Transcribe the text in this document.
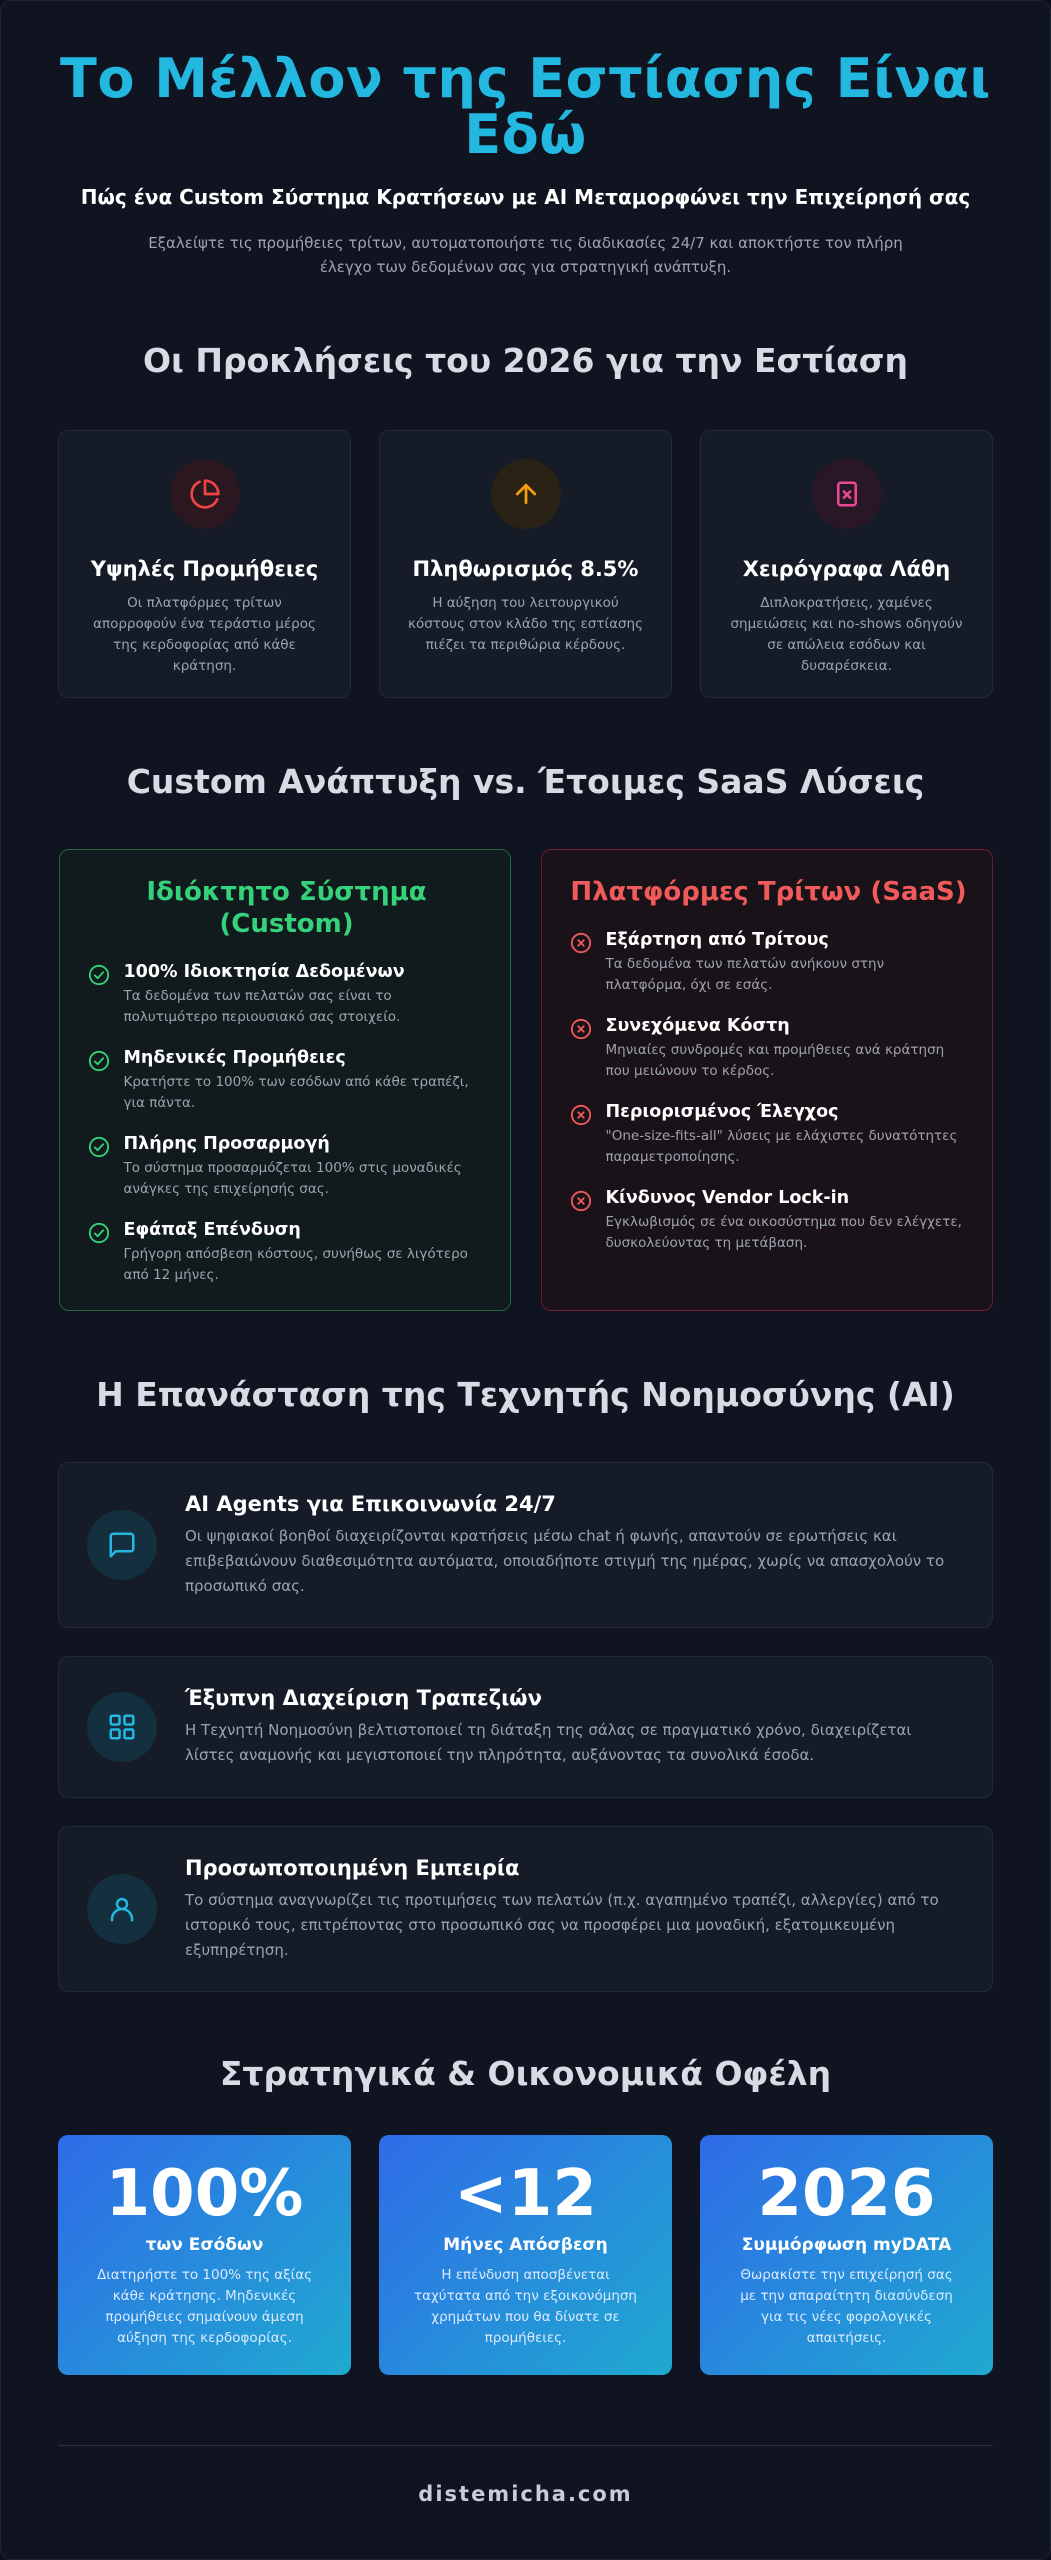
Το Μέλλον της Εστίασης Είναι Εδώ
Πώς ένα Custom Σύστημα Κρατήσεων με AI Μεταμορφώνει την Επιχείρησή σας

Εξαλείψτε τις προμήθειες τρίτων, αυτοματοποιήστε τις διαδικασίες 24/7 και αποκτήστε τον πλήρη έλεγχο των δεδομένων σας για στρατηγική ανάπτυξη.

Οι Προκλήσεις του 2026 για την Εστίαση
Υψηλές Προμήθειες

Οι πλατφόρμες τρίτων απορροφούν ένα τεράστιο μέρος της κερδοφορίας από κάθε κράτηση.

Πληθωρισμός 8.5%

Η αύξηση του λειτουργικού κόστους στον κλάδο της εστίασης πιέζει τα περιθώρια κέρδους.

Χειρόγραφα Λάθη

Διπλοκρατήσεις, χαμένες σημειώσεις και no-shows οδηγούν σε απώλεια εσόδων και δυσαρέσκεια.

Custom Ανάπτυξη vs. Έτοιμες SaaS Λύσεις
Ιδιόκτητο Σύστημα (Custom)
100% Ιδιοκτησία Δεδομένων

Τα δεδομένα των πελατών σας είναι το πολυτιμότερο περιουσιακό σας στοιχείο.

Μηδενικές Προμήθειες

Κρατήστε το 100% των εσόδων από κάθε τραπέζι, για πάντα.

Πλήρης Προσαρμογή

Το σύστημα προσαρμόζεται 100% στις μοναδικές ανάγκες της επιχείρησής σας.

Εφάπαξ Επένδυση

Γρήγορη απόσβεση κόστους, συνήθως σε λιγότερο από 12 μήνες.

Πλατφόρμες Τρίτων (SaaS)
Εξάρτηση από Τρίτους

Τα δεδομένα των πελατών ανήκουν στην πλατφόρμα, όχι σε εσάς.

Συνεχόμενα Κόστη

Μηνιαίες συνδρομές και προμήθειες ανά κράτηση που μειώνουν το κέρδος.

Περιορισμένος Έλεγχος

"One-size-fits-all" λύσεις με ελάχιστες δυνατότητες παραμετροποίησης.

Κίνδυνος Vendor Lock-in

Εγκλωβισμός σε ένα οικοσύστημα που δεν ελέγχετε, δυσκολεύοντας τη μετάβαση.

Η Επανάσταση της Τεχνητής Νοημοσύνης (AI)
AI Agents για Επικοινωνία 24/7

Οι ψηφιακοί βοηθοί διαχειρίζονται κρατήσεις μέσω chat ή φωνής, απαντούν σε ερωτήσεις και επιβεβαιώνουν διαθεσιμότητα αυτόματα, οποιαδήποτε στιγμή της ημέρας, χωρίς να απασχολούν το προσωπικό σας.

Έξυπνη Διαχείριση Τραπεζιών

Η Τεχνητή Νοημοσύνη βελτιστοποιεί τη διάταξη της σάλας σε πραγματικό χρόνο, διαχειρίζεται λίστες αναμονής και μεγιστοποιεί την πληρότητα, αυξάνοντας τα συνολικά έσοδα.

Προσωποποιημένη Εμπειρία

Το σύστημα αναγνωρίζει τις προτιμήσεις των πελατών (π.χ. αγαπημένο τραπέζι, αλλεργίες) από το ιστορικό τους, επιτρέποντας στο προσωπικό σας να προσφέρει μια μοναδική, εξατομικευμένη εξυπηρέτηση.

Στρατηγικά & Οικονομικά Οφέλη
100%
των Εσόδων

Διατηρήστε το 100% της αξίας κάθε κράτησης. Μηδενικές προμήθειες σημαίνουν άμεση αύξηση της κερδοφορίας.

<12
Μήνες Απόσβεση

Η επένδυση αποσβένεται ταχύτατα από την εξοικονόμηση χρημάτων που θα δίνατε σε προμήθειες.

2026
Συμμόρφωση myDATA

Θωρακίστε την επιχείρησή σας με την απαραίτητη διασύνδεση για τις νέες φορολογικές απαιτήσεις.

distemicha.com
